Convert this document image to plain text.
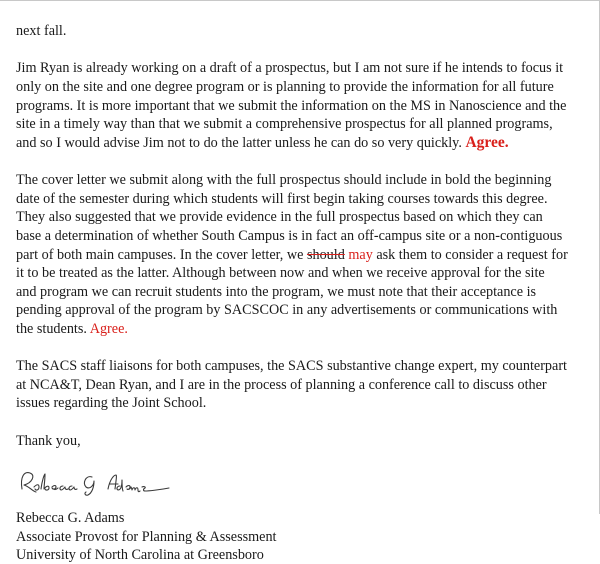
next fall.

Jim Ryan is already working on a draft of a prospectus, but I am not sure if he intends to focus it
only on the site and one degree program or is planning to provide the information for all future
programs. It is more important that we submit the information on the MS in Nanoscience and the
site in a timely way than that we submit a comprehensive prospectus for all planned programs,
and so I would advise Jim not to do the latter unless he can do so very quickly. Agree.

The cover letter we submit along with the full prospectus should include in bold the beginning
date of the semester during which students will first begin taking courses towards this degree.
They also suggested that we provide evidence in the full prospectus based on which they can
base a determination of whether South Campus is in fact an off-campus site or a non-contiguous
part of both main campuses. In the cover letter, we should may ask them to consider a request for
it to be treated as the latter. Although between now and when we receive approval for the site
and program we can recruit students into the program, we must note that their acceptance is
pending approval of the program by SACSCOC in any advertisements or communications with
the students. Agree.

The SACS staff liaisons for both campuses, the SACS substantive change expert, my counterpart
at NCA&T, Dean Ryan, and I are in the process of planning a conference call to discuss other
issues regarding the Joint School.

Thank you,

Rebecca G. Adams
Associate Provost for Planning & Assessment
University of North Carolina at Greensboro
